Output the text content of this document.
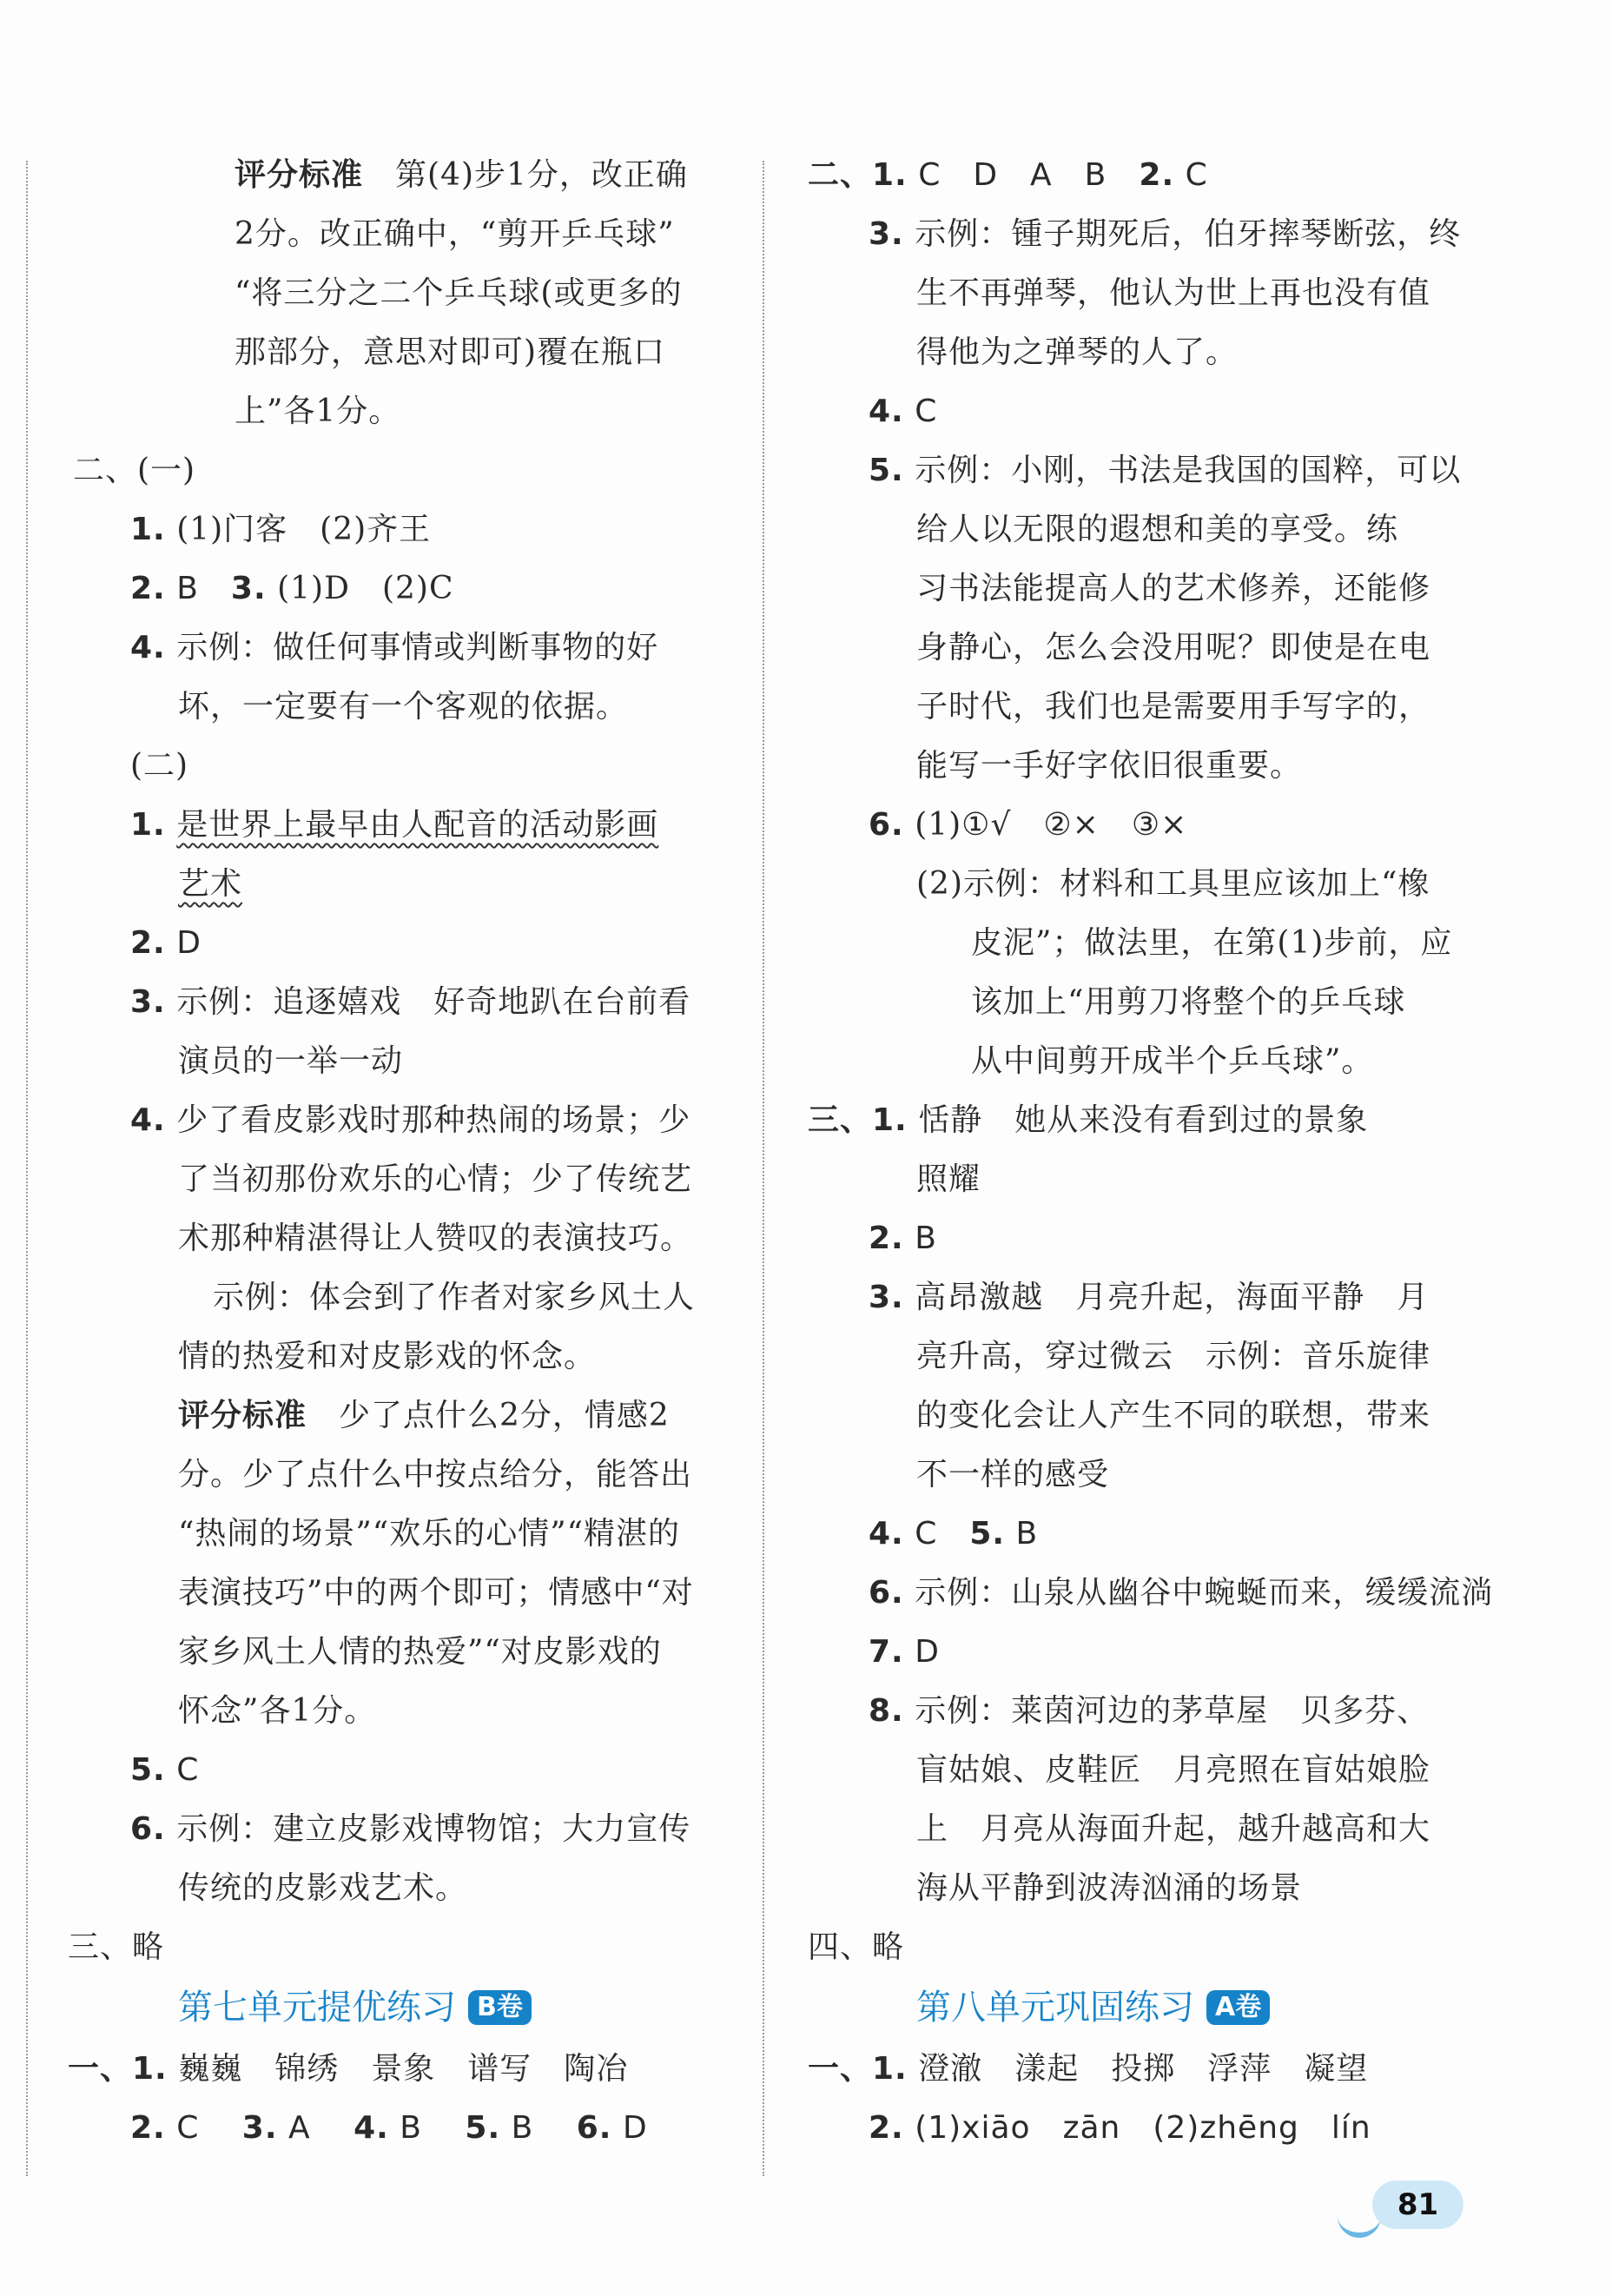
评分标准　 第(4)步1分，改正确
2分。改正确中，“剪开乒乓球”
“将三分之二个乒乓球(或更多的
那部分，意思对即可)覆在瓶口
上”各1分。
二、(一)
1. (1)门客　(2)齐王
2. B　 3. (1)D　(2)C
4. 示例：做任何事情或判断事物的好
坏，一定要有一个客观的依据。
(二)
1. 是世界上最早由人配音的活动影画
艺术
2. D
3. 示例：追逐嬉戏　好奇地趴在台前看
演员的一举一动
4. 少了看皮影戏时那种热闹的场景；少
了当初那份欢乐的心情；少了传统艺
术那种精湛得让人赞叹的表演技巧。
示例：体会到了作者对家乡风土人
情的热爱和对皮影戏的怀念。
评分标准　 少了点什么2分，情感2
分。少了点什么中按点给分，能答出
“热闹的场景”“欢乐的心情”“精湛的
表演技巧”中的两个即可；情感中“对
家乡风土人情的热爱”“对皮影戏的
怀念”各1分。
5. C
6. 示例：建立皮影戏博物馆；大力宣传
传统的皮影戏艺术。
三、略
第七单元提优练习 B卷
一、1. 巍巍　锦绣　景象　谱写　陶冶
2. C　 3. A　 4. B　 5. B　 6. D
二、1. C　D　A　B　 2. C
3. 示例：锺子期死后，伯牙摔琴断弦，终
生不再弹琴，他认为世上再也没有值
得他为之弹琴的人了。
4. C
5. 示例：小刚，书法是我国的国粹，可以
给人以无限的遐想和美的享受。练
习书法能提高人的艺术修养，还能修
身静心，怎么会没用呢？即使是在电
子时代，我们也是需要用手写字的，
能写一手好字依旧很重要。
6. (1)①√　②×　③×
(2)示例：材料和工具里应该加上“橡
皮泥”；做法里，在第(1)步前，应
该加上“用剪刀将整个的乒乓球
从中间剪开成半个乒乓球”。
三、1. 恬静　她从来没有看到过的景象
照耀
2. B
3. 高昂激越　月亮升起，海面平静　月
亮升高，穿过微云　示例：音乐旋律
的变化会让人产生不同的联想，带来
不一样的感受
4. C　 5. B
6. 示例：山泉从幽谷中蜿蜒而来，缓缓流淌
7. D
8. 示例：莱茵河边的茅草屋　贝多芬、
盲姑娘、皮鞋匠　月亮照在盲姑娘脸
上　月亮从海面升起，越升越高和大
海从平静到波涛汹涌的场景
四、略
第八单元巩固练习 A卷
一、1. 澄澈　漾起　投掷　浮萍　凝望
2. (1)xiāo　zān　(2)zhēng　lín
81
